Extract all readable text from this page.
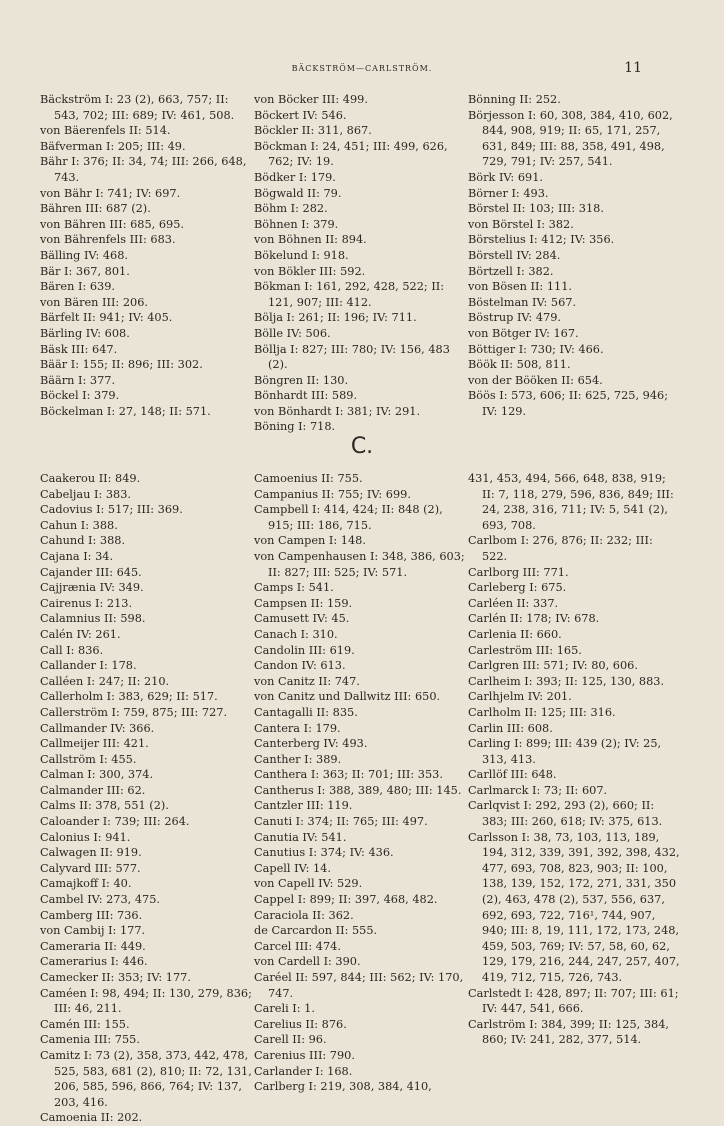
BÄCKSTRÖM—CARLSTRÖM.	11
Bäckström I: 23 (2), 663, 757; II: 543, 702; III: 689; IV: 461, 508.
von Bäerenfels II: 514.
Bäfverman I: 205; III: 49.
Bähr I: 376; II: 34, 74; III: 266, 648, 743.
von Bähr I: 741; IV: 697.
Bähren III: 687 (2).
von Bähren III: 685, 695.
von Bährenfels III: 683.
Bälling IV: 468.
Bär I: 367, 801.
Bären I: 639.
von Bären III: 206.
Bärfelt II: 941; IV: 405.
Bärling IV: 608.
Bäsk III: 647.
Bäär I: 155; II: 896; III: 302.
Bäärn I: 377.
Böckel I: 379.
Böckelman I: 27, 148; II: 571.
von Böcker III: 499.
Böckert IV: 546.
Böckler II: 311, 867.
Böckman I: 24, 451; III: 499, 626, 762; IV: 19.
Bödker I: 179.
Bögwald II: 79.
Böhm I: 282.
Böhnen I: 379.
von Böhnen II: 894.
Bökelund I: 918.
von Bökler III: 592.
Bökman I: 161, 292, 428, 522; II: 121, 907; III: 412.
Bölja I: 261; II: 196; IV: 711.
Bölle IV: 506.
Böllja I: 827; III: 780; IV: 156, 483 (2).
Böngren II: 130.
Bönhardt III: 589.
von Bönhardt I: 381; IV: 291.
Böning I: 718.
Bönning II: 252.
Börjesson I: 60, 308, 384, 410, 602, 844, 908, 919; II: 65, 171, 257, 631, 849; III: 88, 358, 491, 498, 729, 791; IV: 257, 541.
Börk IV: 691.
Börner I: 493.
Börstel II: 103; III: 318.
von Börstel I: 382.
Börstelius I: 412; IV: 356.
Börstell IV: 284.
Börtzell I: 382.
von Bösen II: 111.
Böstelman IV: 567.
Böstrup IV: 479.
von Bötger IV: 167.
Böttiger I: 730; IV: 466.
Böök II: 508, 811.
von der Bööken II: 654.
Böös I: 573, 606; II: 625, 725, 946; IV: 129.
C.
Caakerou II: 849.
Cabeljau I: 383.
Cadovius I: 517; III: 369.
Cahun I: 388.
Cahund I: 388.
Cajana I: 34.
Cajander III: 645.
Cajjrænia IV: 349.
Cairenus I: 213.
Calamnius II: 598.
Calén IV: 261.
Call I: 836.
Callander I: 178.
Calléen I: 247; II: 210.
Callerholm I: 383, 629; II: 517.
Callerström I: 759, 875; III: 727.
Callmander IV: 366.
Callmeijer III: 421.
Callström I: 455.
Calman I: 300, 374.
Calmander III: 62.
Calms II: 378, 551 (2).
Caloander I: 739; III: 264.
Calonius I: 941.
Calwagen II: 919.
Calyvard III: 577.
Camajkoff I: 40.
Cambel IV: 273, 475.
Camberg III: 736.
von Cambij I: 177.
Cameraria II: 449.
Camerarius I: 446.
Camecker II: 353; IV: 177.
Caméen I: 98, 494; II: 130, 279, 836; III: 46, 211.
Camén III: 155.
Camenia III: 755.
Camitz I: 73 (2), 358, 373, 442, 478, 525, 583, 681 (2), 810; II: 72, 131, 206, 585, 596, 866, 764; IV: 137, 203, 416.
Camoenia II: 202.
Camoenius II: 755.
Campanius II: 755; IV: 699.
Campbell I: 414, 424; II: 848 (2), 915; III: 186, 715.
von Campen I: 148.
von Campenhausen I: 348, 386, 603; II: 827; III: 525; IV: 571.
Camps I: 541.
Campsen II: 159.
Camusett IV: 45.
Canach I: 310.
Candolin III: 619.
Candon IV: 613.
von Canitz II: 747.
von Canitz und Dallwitz III: 650.
Cantagalli II: 835.
Cantera I: 179.
Canterberg IV: 493.
Canther I: 389.
Canthera I: 363; II: 701; III: 353.
Cantherus I: 388, 389, 480; III: 145.
Cantzler III: 119.
Canuti I: 374; II: 765; III: 497.
Canutia IV: 541.
Canutius I: 374; IV: 436.
Capell IV: 14.
von Capell IV: 529.
Cappel I: 899; II: 397, 468, 482.
Caraciola II: 362.
de Carcardon II: 555.
Carcel III: 474.
von Cardell I: 390.
Caréel II: 597, 844; III: 562; IV: 170, 747.
Careli I: 1.
Carelius II: 876.
Carell II: 96.
Carenius III: 790.
Carlander I: 168.
Carlberg I: 219, 308, 384, 410,
431, 453, 494, 566, 648, 838, 919; II: 7, 118, 279, 596, 836, 849; III: 24, 238, 316, 711; IV: 5, 541 (2), 693, 708.
Carlbom I: 276, 876; II: 232; III: 522.
Carlborg III: 771.
Carleberg I: 675.
Carléen II: 337.
Carlén II: 178; IV: 678.
Carlenia II: 660.
Carleström III: 165.
Carlgren III: 571; IV: 80, 606.
Carlheim I: 393; II: 125, 130, 883.
Carlhjelm IV: 201.
Carlholm II: 125; III: 316.
Carlin III: 608.
Carling I: 899; III: 439 (2); IV: 25, 313, 413.
Carllöf III: 648.
Carlmarck I: 73; II: 607.
Carlqvist I: 292, 293 (2), 660; II: 383; III: 260, 618; IV: 375, 613.
Carlsson I: 38, 73, 103, 113, 189, 194, 312, 339, 391, 392, 398, 432, 477, 693, 708, 823, 903; II: 100, 138, 139, 152, 172, 271, 331, 350 (2), 463, 478 (2), 537, 556, 637, 692, 693, 722, 716¹, 744, 907, 940; III: 8, 19, 111, 172, 173, 248, 459, 503, 769; IV: 57, 58, 60, 62, 129, 179, 216, 244, 247, 257, 407, 419, 712, 715, 726, 743.
Carlstedt I: 428, 897; II: 707; III: 61; IV: 447, 541, 666.
Carlström I: 384, 399; II: 125, 384, 860; IV: 241, 282, 377, 514.
